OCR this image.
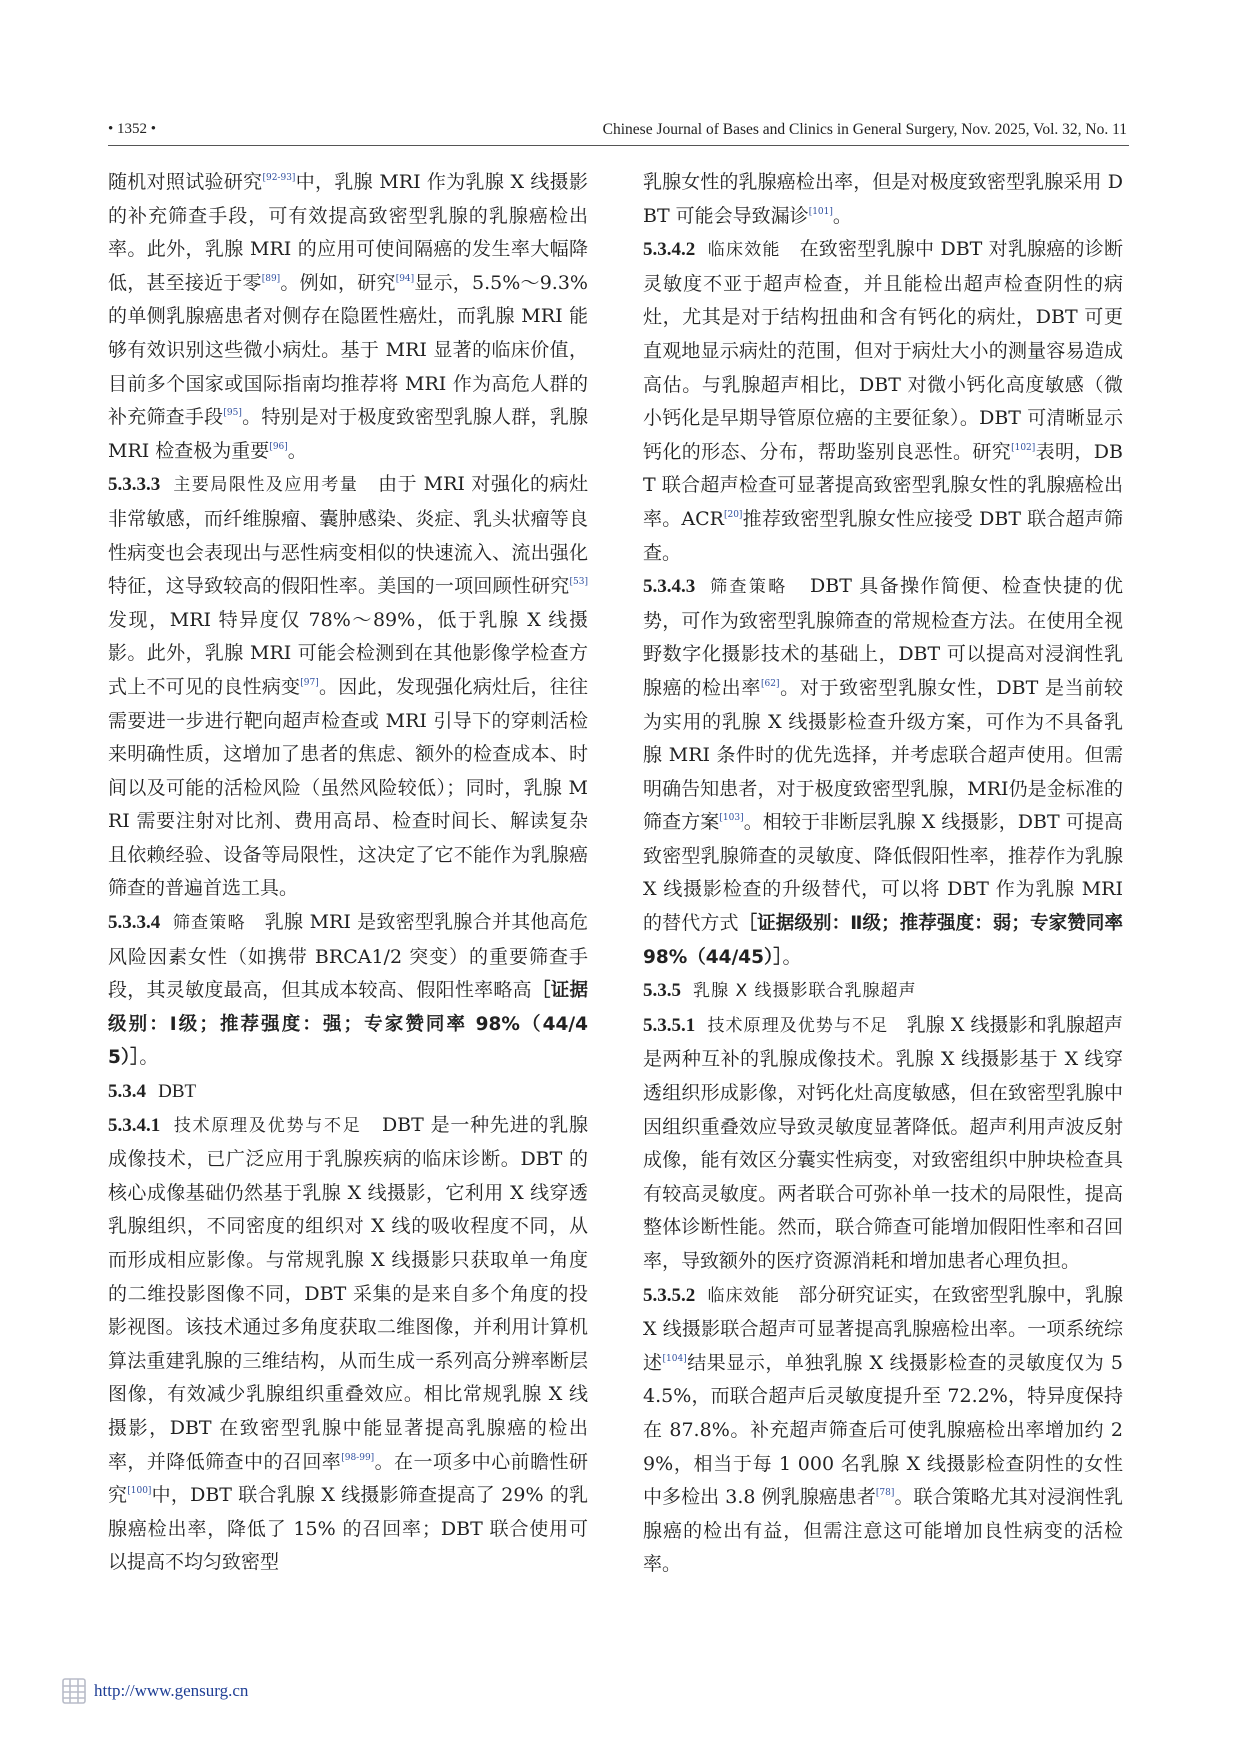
• 1352 •	Chinese Journal of Bases and Clinics in General Surgery, Nov. 2025, Vol. 32, No. 11

随机对照试验研究[92-93]中，乳腺 MRI 作为乳腺 X 线摄影的补充筛查手段，可有效提高致密型乳腺的乳腺癌检出率。此外，乳腺 MRI 的应用可使间隔癌的发生率大幅降低，甚至接近于零[89]。例如，研究[94]显示，5.5%～9.3% 的单侧乳腺癌患者对侧存在隐匿性癌灶，而乳腺 MRI 能够有效识别这些微小病灶。基于 MRI 显著的临床价值，目前多个国家或国际指南均推荐将 MRI 作为高危人群的补充筛查手段[95]。特别是对于极度致密型乳腺人群，乳腺 MRI 检查极为重要[96]。

5.3.3.3 主要局限性及应用考量 由于 MRI 对强化的病灶非常敏感，而纤维腺瘤、囊肿感染、炎症、乳头状瘤等良性病变也会表现出与恶性病变相似的快速流入、流出强化特征，这导致较高的假阳性率。美国的一项回顾性研究[53]发现，MRI 特异度仅 78%～89%，低于乳腺 X 线摄影。此外，乳腺 MRI 可能会检测到在其他影像学检查方式上不可见的良性病变[97]。因此，发现强化病灶后，往往需要进一步进行靶向超声检查或 MRI 引导下的穿刺活检来明确性质，这增加了患者的焦虑、额外的检查成本、时间以及可能的活检风险（虽然风险较低）；同时，乳腺 MRI 需要注射对比剂、费用高昂、检查时间长、解读复杂且依赖经验、设备等局限性，这决定了它不能作为乳腺癌筛查的普遍首选工具。

5.3.3.4 筛查策略 乳腺 MRI 是致密型乳腺合并其他高危风险因素女性（如携带 BRCA1/2 突变）的重要筛查手段，其灵敏度最高，但其成本较高、假阳性率略高［证据级别：Ⅰ级；推荐强度：强；专家赞同率 98%（44/45）］。

5.3.4 DBT

5.3.4.1 技术原理及优势与不足 DBT 是一种先进的乳腺成像技术，已广泛应用于乳腺疾病的临床诊断。DBT 的核心成像基础仍然基于乳腺 X 线摄影，它利用 X 线穿透乳腺组织，不同密度的组织对 X 线的吸收程度不同，从而形成相应影像。与常规乳腺 X 线摄影只获取单一角度的二维投影图像不同，DBT 采集的是来自多个角度的投影视图。该技术通过多角度获取二维图像，并利用计算机算法重建乳腺的三维结构，从而生成一系列高分辨率断层图像，有效减少乳腺组织重叠效应。相比常规乳腺 X 线摄影，DBT 在致密型乳腺中能显著提高乳腺癌的检出率，并降低筛查中的召回率[98-99]。在一项多中心前瞻性研究[100]中，DBT 联合乳腺 X 线摄影筛查提高了 29% 的乳腺癌检出率，降低了 15% 的召回率；DBT 联合使用可以提高不均匀致密型

乳腺女性的乳腺癌检出率，但是对极度致密型乳腺采用 DBT 可能会导致漏诊[101]。

5.3.4.2 临床效能 在致密型乳腺中 DBT 对乳腺癌的诊断灵敏度不亚于超声检查，并且能检出超声检查阴性的病灶，尤其是对于结构扭曲和含有钙化的病灶，DBT 可更直观地显示病灶的范围，但对于病灶大小的测量容易造成高估。与乳腺超声相比，DBT 对微小钙化高度敏感（微小钙化是早期导管原位癌的主要征象）。DBT 可清晰显示钙化的形态、分布，帮助鉴别良恶性。研究[102]表明，DBT 联合超声检查可显著提高致密型乳腺女性的乳腺癌检出率。ACR[20]推荐致密型乳腺女性应接受 DBT 联合超声筛查。

5.3.4.3 筛查策略 DBT 具备操作简便、检查快捷的优势，可作为致密型乳腺筛查的常规检查方法。在使用全视野数字化摄影技术的基础上，DBT 可以提高对浸润性乳腺癌的检出率[62]。对于致密型乳腺女性，DBT 是当前较为实用的乳腺 X 线摄影检查升级方案，可作为不具备乳腺 MRI 条件时的优先选择，并考虑联合超声使用。但需明确告知患者，对于极度致密型乳腺，MRI仍是金标准的筛查方案[103]。相较于非断层乳腺 X 线摄影，DBT 可提高致密型乳腺筛查的灵敏度、降低假阳性率，推荐作为乳腺 X 线摄影检查的升级替代，可以将 DBT 作为乳腺 MRI 的替代方式［证据级别：Ⅱ级；推荐强度：弱；专家赞同率 98%（44/45）］。

5.3.5 乳腺 X 线摄影联合乳腺超声

5.3.5.1 技术原理及优势与不足 乳腺 X 线摄影和乳腺超声是两种互补的乳腺成像技术。乳腺 X 线摄影基于 X 线穿透组织形成影像，对钙化灶高度敏感，但在致密型乳腺中因组织重叠效应导致灵敏度显著降低。超声利用声波反射成像，能有效区分囊实性病变，对致密组织中肿块检查具有较高灵敏度。两者联合可弥补单一技术的局限性，提高整体诊断性能。然而，联合筛查可能增加假阳性率和召回率，导致额外的医疗资源消耗和增加患者心理负担。

5.3.5.2 临床效能 部分研究证实，在致密型乳腺中，乳腺 X 线摄影联合超声可显著提高乳腺癌检出率。一项系统综述[104]结果显示，单独乳腺 X 线摄影检查的灵敏度仅为 54.5%，而联合超声后灵敏度提升至 72.2%，特异度保持在 87.8%。补充超声筛查后可使乳腺癌检出率增加约 29%，相当于每 1 000 名乳腺 X 线摄影检查阴性的女性中多检出 3.8 例乳腺癌患者[78]。联合策略尤其对浸润性乳腺癌的检出有益，但需注意这可能增加良性病变的活检率。

http://www.gensurg.cn
